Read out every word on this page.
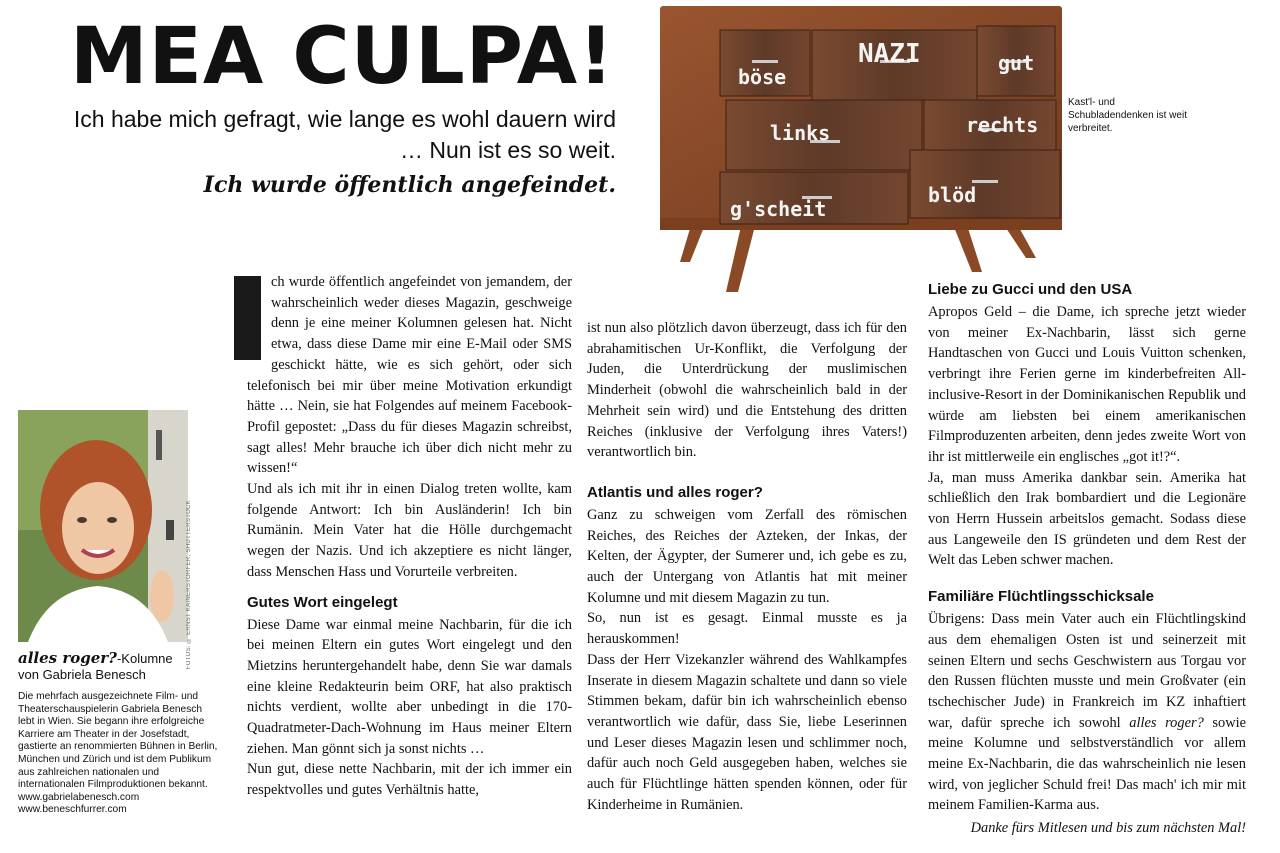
MEA CULPA!
Ich habe mich gefragt, wie lange es wohl dauern wird
… Nun ist es so weit.
Ich wurde öffentlich angefeindet.
böse
NAZI	gut
links	rechts
g'scheit
blöd
Kast'l- und Schubladendenken ist weit verbreitet.
FOTOS: © ERNST KAINERSTORFER, SHUTTERSTOCK
alles roger?-Kolumne
von Gabriela Benesch
Die mehrfach ausgezeichnete Film- und Theaterschauspielerin Gabriela Benesch lebt in Wien. Sie begann ihre erfolgreiche Karriere am Theater in der Josefstadt, gastierte an renommierten Bühnen in Berlin, München und Zürich und ist dem Publikum aus zahlreichen nationalen und internationalen Filmproduktionen bekannt.
www.gabrielabenesch.com
www.beneschfurrer.com

ch wurde öffentlich angefeindet von jemandem, der wahrscheinlich weder dieses Magazin, geschweige denn je eine meiner Kolumnen gelesen hat. Nicht etwa, dass diese Dame mir eine E-Mail oder SMS geschickt hätte, wie es sich gehört, oder sich telefonisch bei mir über meine Motivation erkundigt hätte … Nein, sie hat Folgendes auf meinem Facebook-Profil gepostet: „Dass du für dieses Magazin schreibst, sagt alles! Mehr brauche ich über dich nicht mehr zu wissen!“

Und als ich mit ihr in einen Dialog treten wollte, kam folgende Antwort: Ich bin Ausländerin! Ich bin Rumänin. Mein Vater hat die Hölle durchgemacht wegen der Nazis. Und ich akzeptiere es nicht länger, dass Menschen Hass und Vorurteile verbreiten.

Gutes Wort eingelegt

Diese Dame war einmal meine Nachbarin, für die ich bei meinen Eltern ein gutes Wort eingelegt und den Mietzins heruntergehandelt habe, denn Sie war damals eine kleine Redakteurin beim ORF, hat also praktisch nichts verdient, wollte aber unbedingt in die 170-Quadratmeter-Dach-Wohnung im Haus meiner Eltern ziehen. Man gönnt sich ja sonst nichts …

Nun gut, diese nette Nachbarin, mit der ich immer ein respektvolles und gutes Verhältnis hatte,

ist nun also plötzlich davon überzeugt, dass ich für den abrahamitischen Ur-Konflikt, die Verfolgung der Juden, die Unterdrückung der muslimischen Minderheit (obwohl die wahrscheinlich bald in der Mehrheit sein wird) und die Entstehung des dritten Reiches (inklusive der Verfolgung ihres Vaters!) verantwortlich bin.

Atlantis und alles roger?

Ganz zu schweigen vom Zerfall des römischen Reiches, des Reiches der Azteken, der Inkas, der Kelten, der Ägypter, der Sumerer und, ich gebe es zu, auch der Untergang von Atlantis hat mit meiner Kolumne und mit diesem Magazin zu tun.

So, nun ist es gesagt. Einmal musste es ja herauskommen!

Dass der Herr Vizekanzler während des Wahlkampfes Inserate in diesem Magazin schaltete und dann so viele Stimmen bekam, dafür bin ich wahrscheinlich ebenso verantwortlich wie dafür, dass Sie, liebe Leserinnen und Leser dieses Magazin lesen und schlimmer noch, dafür auch noch Geld ausgegeben haben, welches sie auch für Flüchtlinge hätten spenden können, oder für Kinderheime in Rumänien.

Liebe zu Gucci und den USA

Apropos Geld – die Dame, ich spreche jetzt wieder von meiner Ex-Nachbarin, lässt sich gerne Handtaschen von Gucci und Louis Vuitton schenken, verbringt ihre Ferien gerne im kinderbefreiten All-inclusive-Resort in der Dominikanischen Republik und würde am liebsten bei einem amerikanischen Filmproduzenten arbeiten, denn jedes zweite Wort von ihr ist mittlerweile ein englisches „got it!?“.

Ja, man muss Amerika dankbar sein. Amerika hat schließlich den Irak bombardiert und die Legionäre von Herrn Hussein arbeitslos gemacht. Sodass diese aus Langeweile den IS gründeten und dem Rest der Welt das Leben schwer machen.

Familiäre Flüchtlingsschicksale

Übrigens: Dass mein Vater auch ein Flüchtlingskind aus dem ehemaligen Osten ist und seinerzeit mit seinen Eltern und sechs Geschwistern aus Torgau vor den Russen flüchten musste und mein Großvater (ein tschechischer Jude) in Frankreich im KZ inhaftiert war, dafür spreche ich sowohl alles roger? sowie meine Kolumne und selbstverständlich vor allem meine Ex-Nachbarin, die das wahrscheinlich nie lesen wird, von jeglicher Schuld frei! Das mach' ich mir mit meinem Familien-Karma aus.

Danke fürs Mitlesen und bis zum nächsten Mal!
